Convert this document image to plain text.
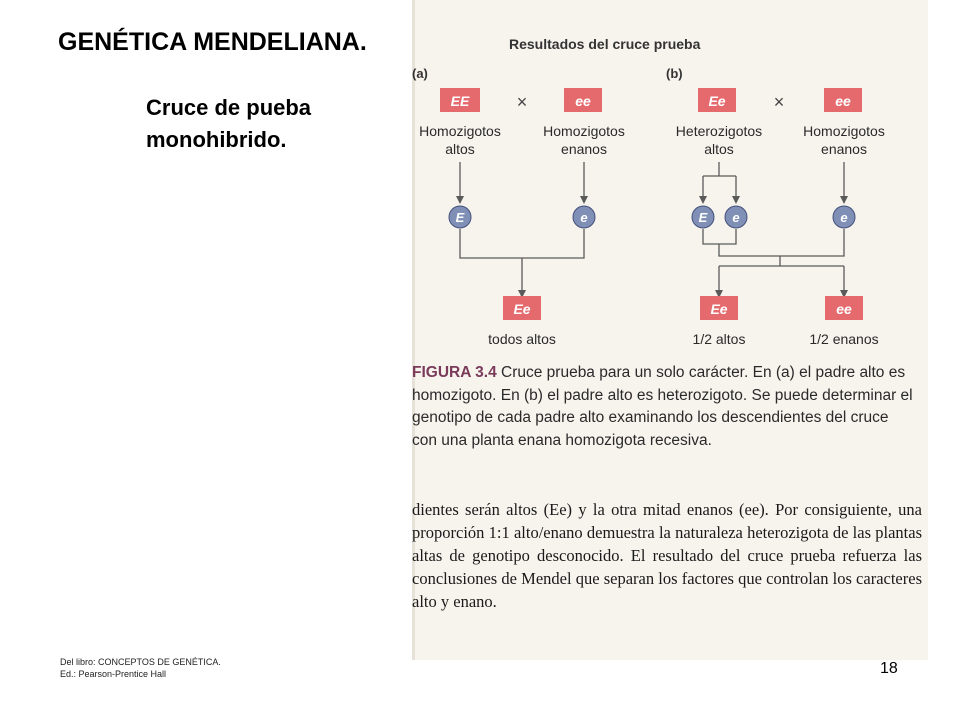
GENÉTICA MENDELIANA.
Cruce de pueba
monohibrido.
Resultados del cruce prueba
(a)
EE	×	ee
Homozigotos
altos
Homozigotos
enanos
E	e
Ee
todos altos
(b)
Ee	×	ee
Heterozigotos
altos
Homozigotos
enanos
E e	e
Ee	ee
1/2 altos	1/2 enanos
FIGURA 3.4 Cruce prueba para un solo carácter. En (a) el padre alto es homozigoto. En (b) el padre alto es heterozigoto. Se puede determinar el genotipo de cada padre alto examinando los descendientes del cruce con una planta enana homozigota recesiva.

dientes serán altos (Ee) y la otra mitad enanos (ee). Por consiguiente, una proporción 1:1 alto/enano demuestra la naturaleza heterozigota de las plantas altas de genotipo desconocido. El resultado del cruce prueba refuerza las conclusiones de Mendel que separan los factores que controlan los caracteres alto y enano.

Del libro: CONCEPTOS DE GENÉTICA.
Ed.: Pearson-Prentice Hall	18
